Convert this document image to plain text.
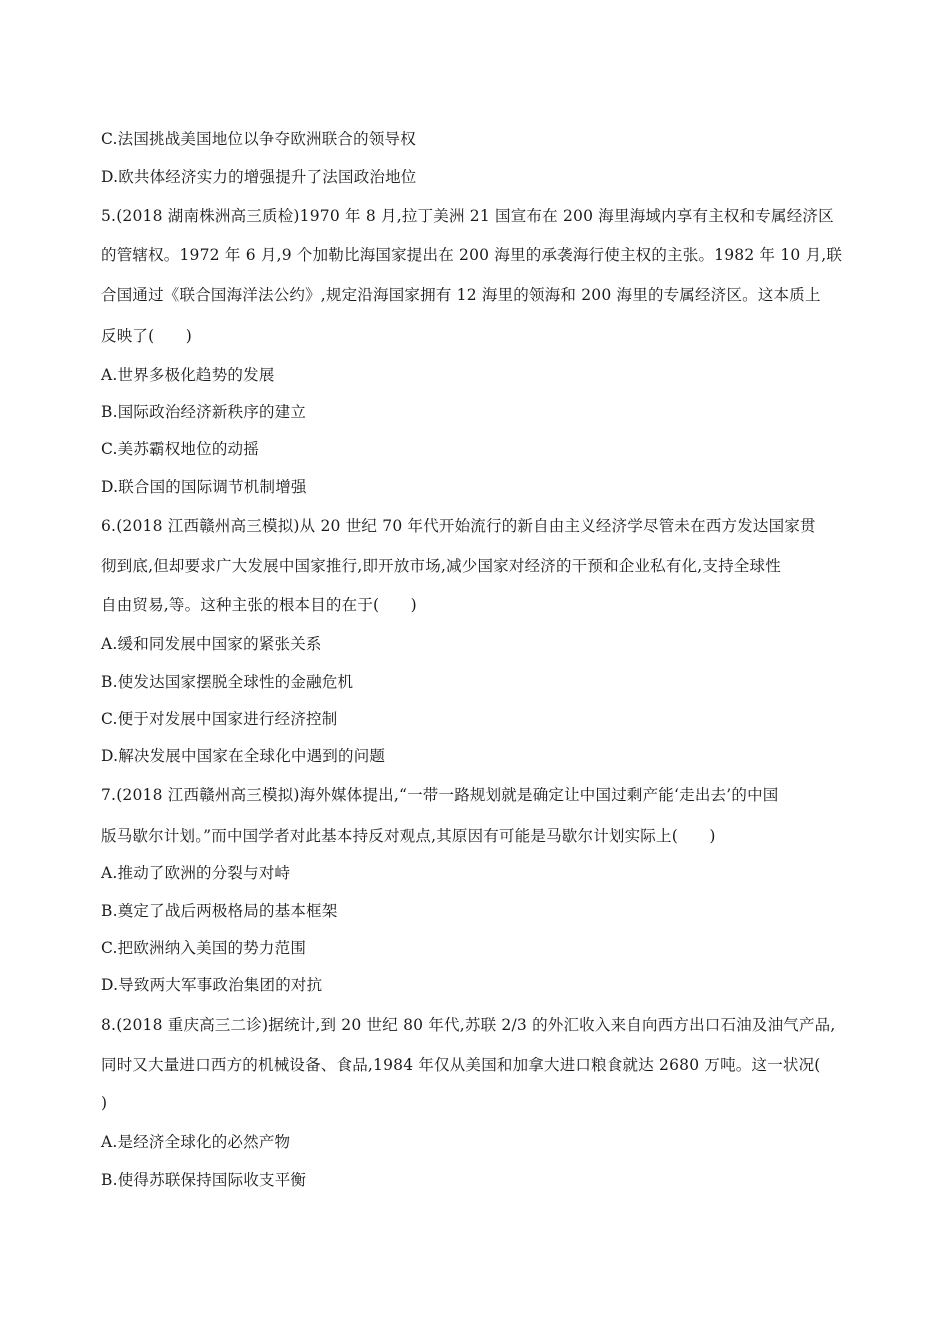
C.法国挑战美国地位以争夺欧洲联合的领导权
D.欧共体经济实力的增强提升了法国政治地位
5.(2018 湖南株洲高三质检)1970 年 8 月,拉丁美洲 21 国宣布在 200 海里海域内享有主权和专属经济区
的管辖权。1972 年 6 月,9 个加勒比海国家提出在 200 海里的承袭海行使主权的主张。1982 年 10 月,联
合国通过《联合国海洋法公约》,规定沿海国家拥有 12 海里的领海和 200 海里的专属经济区。这本质上
反映了(　　)
A.世界多极化趋势的发展
B.国际政治经济新秩序的建立
C.美苏霸权地位的动摇
D.联合国的国际调节机制增强
6.(2018 江西赣州高三模拟)从 20 世纪 70 年代开始流行的新自由主义经济学尽管未在西方发达国家贯
彻到底,但却要求广大发展中国家推行,即开放市场,减少国家对经济的干预和企业私有化,支持全球性
自由贸易,等。这种主张的根本目的在于(　　)
A.缓和同发展中国家的紧张关系
B.使发达国家摆脱全球性的金融危机
C.便于对发展中国家进行经济控制
D.解决发展中国家在全球化中遇到的问题
7.(2018 江西赣州高三模拟)海外媒体提出,“一带一路规划就是确定让中国过剩产能‘走出去’的中国
版马歇尔计划。”而中国学者对此基本持反对观点,其原因有可能是马歇尔计划实际上(　　)
A.推动了欧洲的分裂与对峙
B.奠定了战后两极格局的基本框架
C.把欧洲纳入美国的势力范围
D.导致两大军事政治集团的对抗
8.(2018 重庆高三二诊)据统计,到 20 世纪 80 年代,苏联 2/3 的外汇收入来自向西方出口石油及油气产品,
同时又大量进口西方的机械设备、食品,1984 年仅从美国和加拿大进口粮食就达 2680 万吨。这一状况(
)
A.是经济全球化的必然产物
B.使得苏联保持国际收支平衡
